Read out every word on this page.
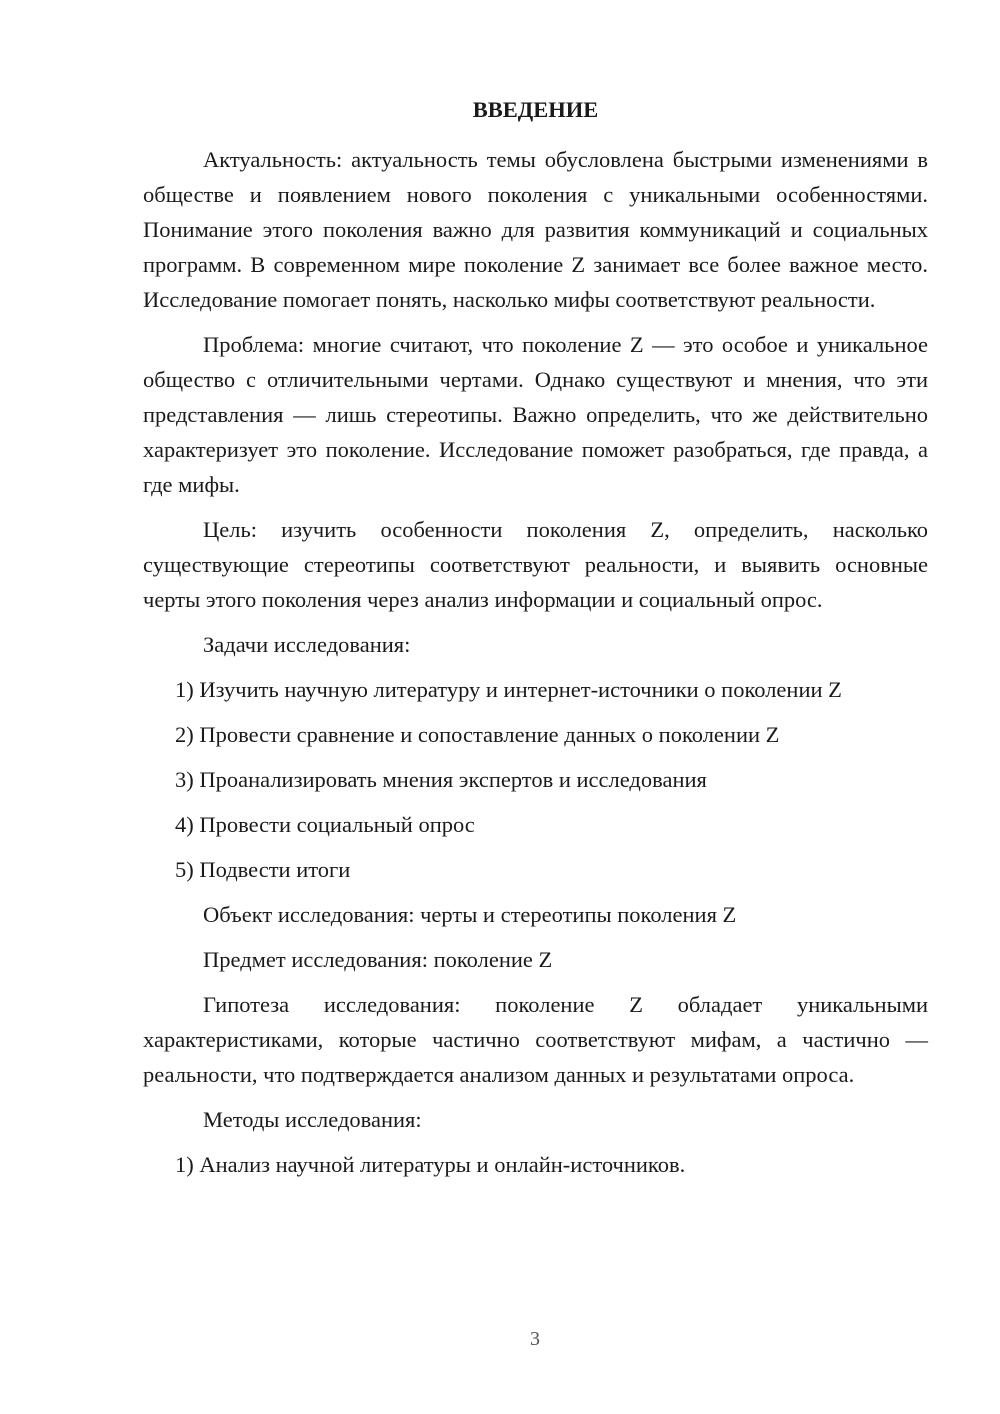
ВВЕДЕНИЕ
Актуальность: актуальность темы обусловлена быстрыми изменениями в обществе и появлением нового поколения с уникальными особенностями. Понимание этого поколения важно для развития коммуникаций и социальных программ. В современном мире поколение Z занимает все более важное место. Исследование помогает понять, насколько мифы соответствуют реальности.
Проблема: многие считают, что поколение Z — это особое и уникальное общество с отличительными чертами. Однако существуют и мнения, что эти представления — лишь стереотипы. Важно определить, что же действительно характеризует это поколение. Исследование поможет разобраться, где правда, а где мифы.
Цель: изучить особенности поколения Z, определить, насколько существующие стереотипы соответствуют реальности, и выявить основные черты этого поколения через анализ информации и социальный опрос.
Задачи исследования:
1) Изучить научную литературу и интернет-источники о поколении Z
2) Провести сравнение и сопоставление данных о поколении Z
3) Проанализировать мнения экспертов и исследования
4) Провести социальный опрос
5) Подвести итоги
Объект исследования: черты и стереотипы поколения Z
Предмет исследования: поколение Z
Гипотеза исследования: поколение Z обладает уникальными характеристиками, которые частично соответствуют мифам, а частично — реальности, что подтверждается анализом данных и результатами опроса.
Методы исследования:
1) Анализ научной литературы и онлайн-источников.
3
